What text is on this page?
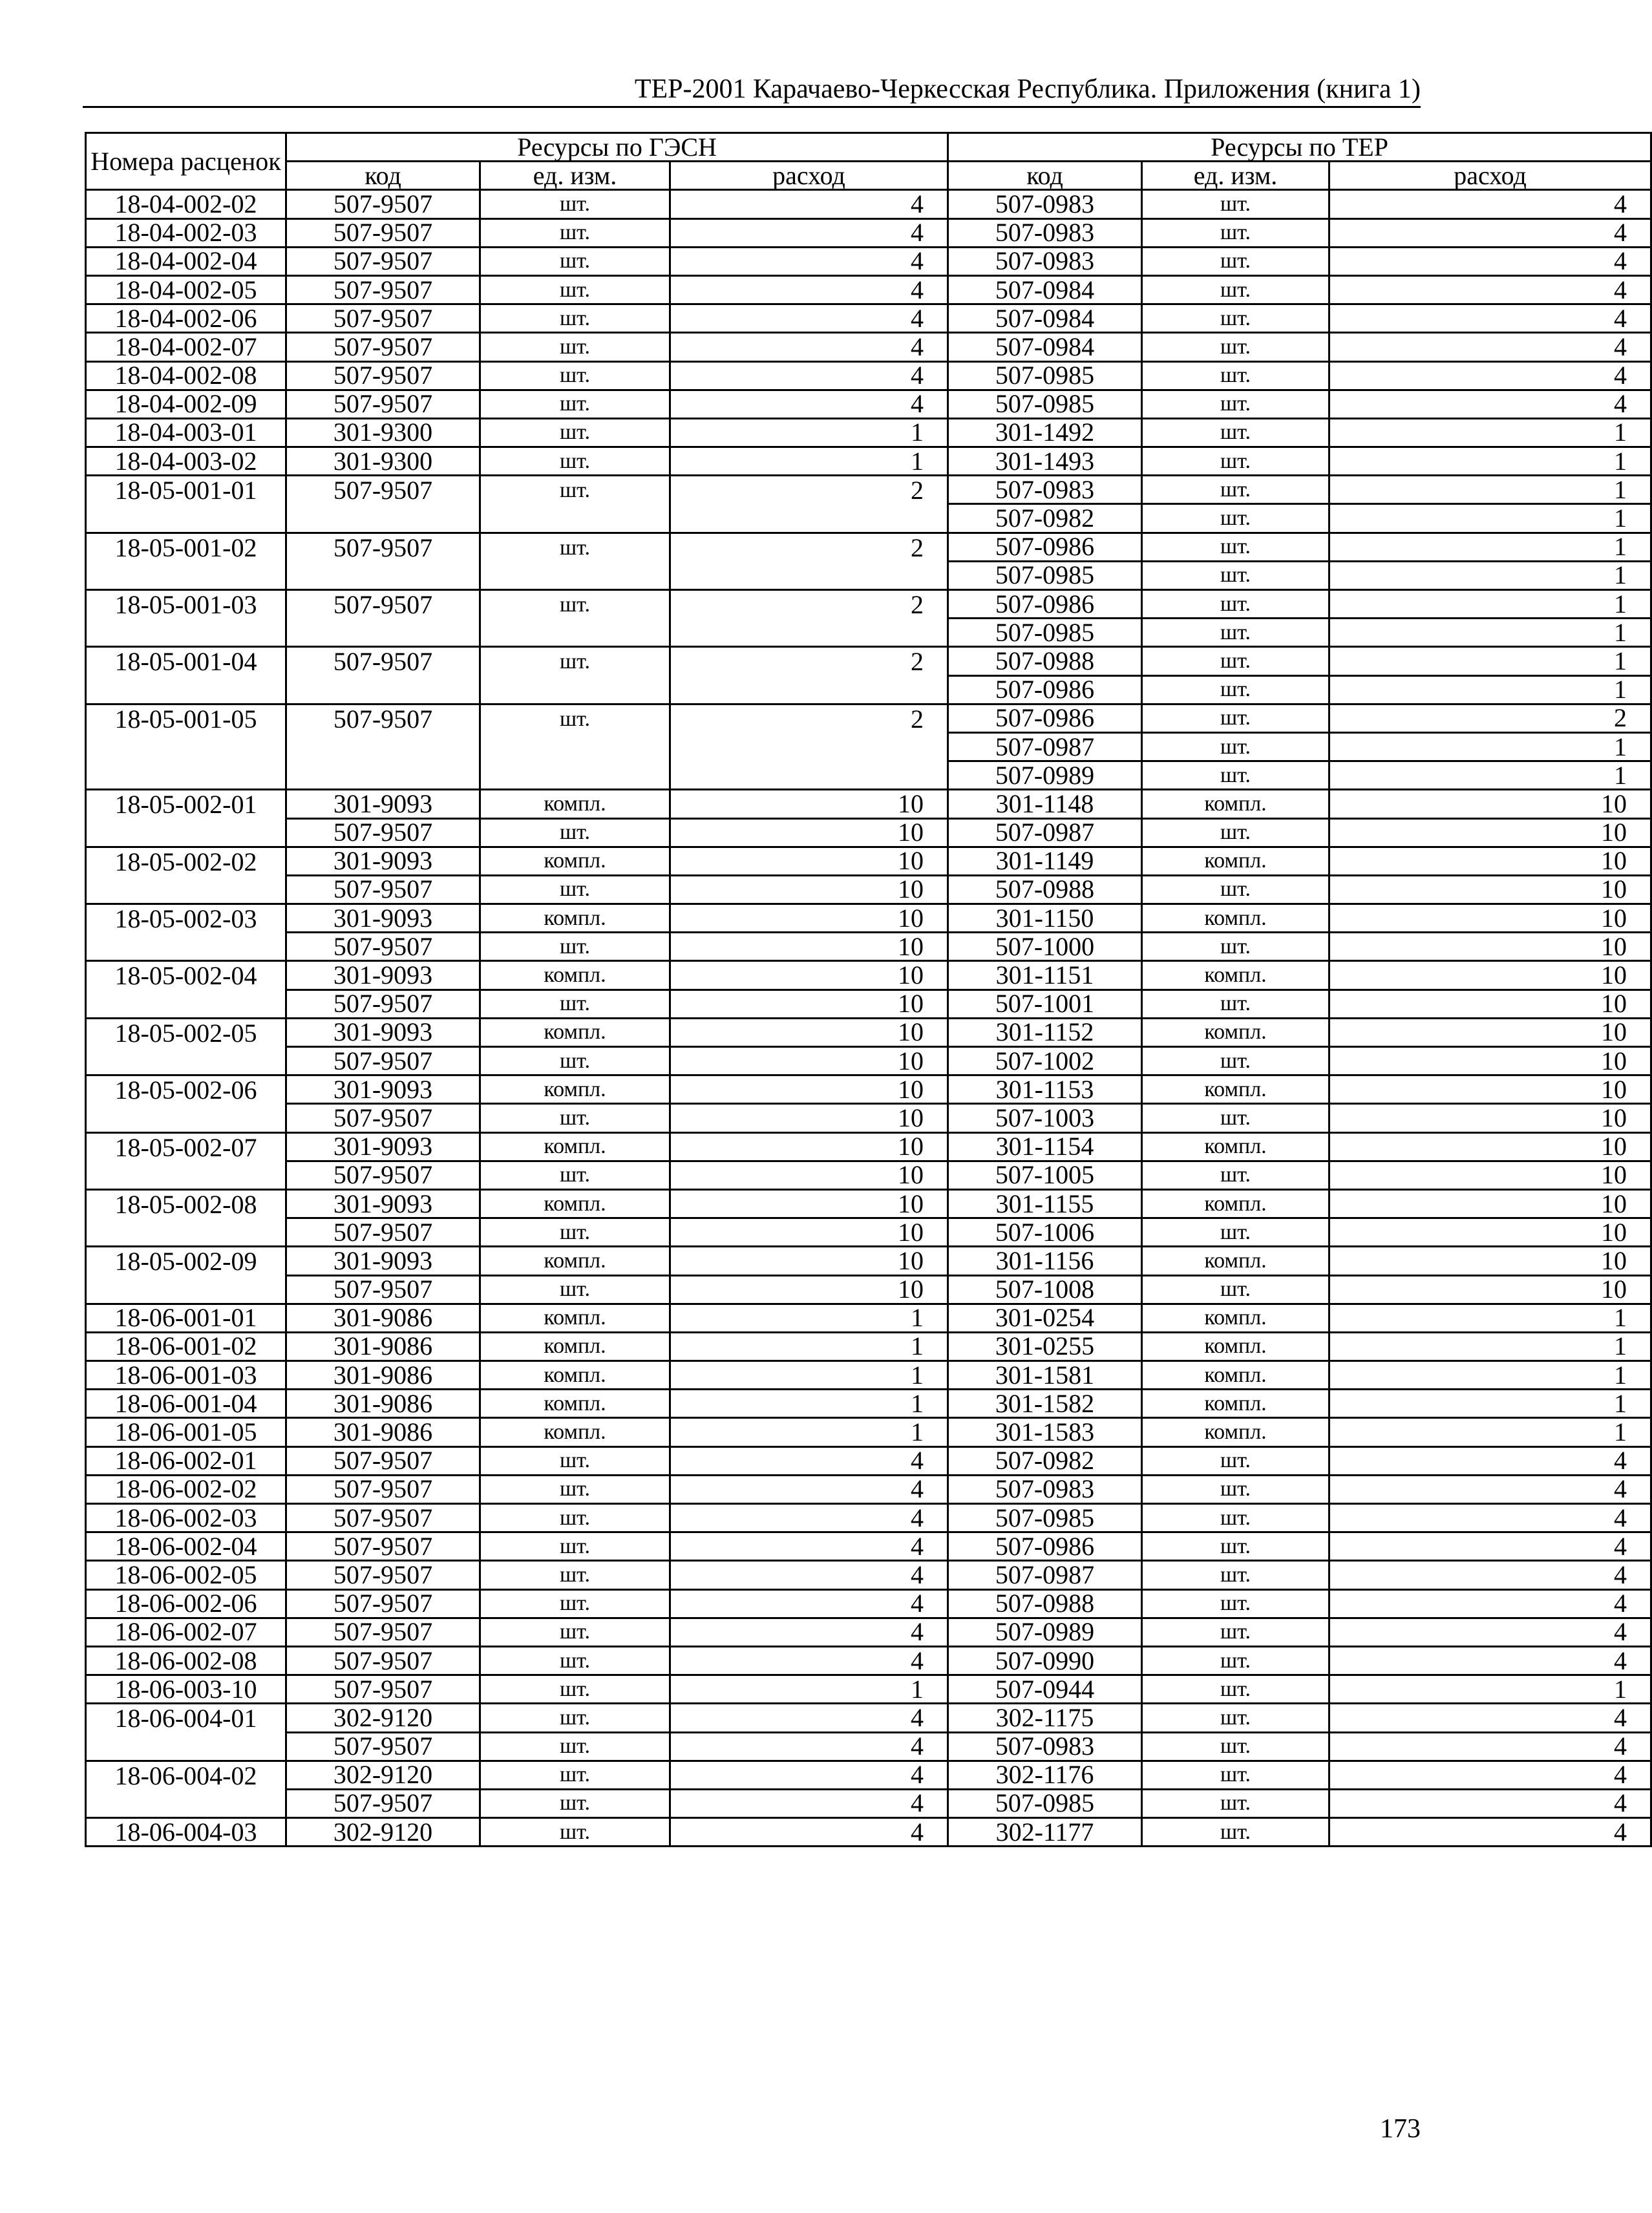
ТЕР-2001 Карачаево-Черкесская Республика. Приложения (книга 1)
Номера расценок	Ресурсы по ГЭСН			Ресурсы по ТЕР		
	код	ед. изм.	расход	код	ед. изм.	расход
18-04-002-02	507-9507	шт.	4	507-0983	шт.	4
18-04-002-03	507-9507	шт.	4	507-0983	шт.	4
18-04-002-04	507-9507	шт.	4	507-0983	шт.	4
18-04-002-05	507-9507	шт.	4	507-0984	шт.	4
18-04-002-06	507-9507	шт.	4	507-0984	шт.	4
18-04-002-07	507-9507	шт.	4	507-0984	шт.	4
18-04-002-08	507-9507	шт.	4	507-0985	шт.	4
18-04-002-09	507-9507	шт.	4	507-0985	шт.	4
18-04-003-01	301-9300	шт.	1	301-1492	шт.	1
18-04-003-02	301-9300	шт.	1	301-1493	шт.	1
18-05-001-01	507-9507	шт.	2	507-0983	шт.	1
				507-0982	шт.	1
18-05-001-02	507-9507	шт.	2	507-0986	шт.	1
				507-0985	шт.	1
18-05-001-03	507-9507	шт.	2	507-0986	шт.	1
				507-0985	шт.	1
18-05-001-04	507-9507	шт.	2	507-0988	шт.	1
				507-0986	шт.	1
18-05-001-05	507-9507	шт.	2	507-0986	шт.	2
				507-0987	шт.	1
				507-0989	шт.	1
18-05-002-01	301-9093	компл.	10	301-1148	компл.	10
	507-9507	шт.	10	507-0987	шт.	10
18-05-002-02	301-9093	компл.	10	301-1149	компл.	10
	507-9507	шт.	10	507-0988	шт.	10
18-05-002-03	301-9093	компл.	10	301-1150	компл.	10
	507-9507	шт.	10	507-1000	шт.	10
18-05-002-04	301-9093	компл.	10	301-1151	компл.	10
	507-9507	шт.	10	507-1001	шт.	10
18-05-002-05	301-9093	компл.	10	301-1152	компл.	10
	507-9507	шт.	10	507-1002	шт.	10
18-05-002-06	301-9093	компл.	10	301-1153	компл.	10
	507-9507	шт.	10	507-1003	шт.	10
18-05-002-07	301-9093	компл.	10	301-1154	компл.	10
	507-9507	шт.	10	507-1005	шт.	10
18-05-002-08	301-9093	компл.	10	301-1155	компл.	10
	507-9507	шт.	10	507-1006	шт.	10
18-05-002-09	301-9093	компл.	10	301-1156	компл.	10
	507-9507	шт.	10	507-1008	шт.	10
18-06-001-01	301-9086	компл.	1	301-0254	компл.	1
18-06-001-02	301-9086	компл.	1	301-0255	компл.	1
18-06-001-03	301-9086	компл.	1	301-1581	компл.	1
18-06-001-04	301-9086	компл.	1	301-1582	компл.	1
18-06-001-05	301-9086	компл.	1	301-1583	компл.	1
18-06-002-01	507-9507	шт.	4	507-0982	шт.	4
18-06-002-02	507-9507	шт.	4	507-0983	шт.	4
18-06-002-03	507-9507	шт.	4	507-0985	шт.	4
18-06-002-04	507-9507	шт.	4	507-0986	шт.	4
18-06-002-05	507-9507	шт.	4	507-0987	шт.	4
18-06-002-06	507-9507	шт.	4	507-0988	шт.	4
18-06-002-07	507-9507	шт.	4	507-0989	шт.	4
18-06-002-08	507-9507	шт.	4	507-0990	шт.	4
18-06-003-10	507-9507	шт.	1	507-0944	шт.	1
18-06-004-01	302-9120	шт.	4	302-1175	шт.	4
	507-9507	шт.	4	507-0983	шт.	4
18-06-004-02	302-9120	шт.	4	302-1176	шт.	4
	507-9507	шт.	4	507-0985	шт.	4
18-06-004-03	302-9120	шт.	4	302-1177	шт.	4
173
